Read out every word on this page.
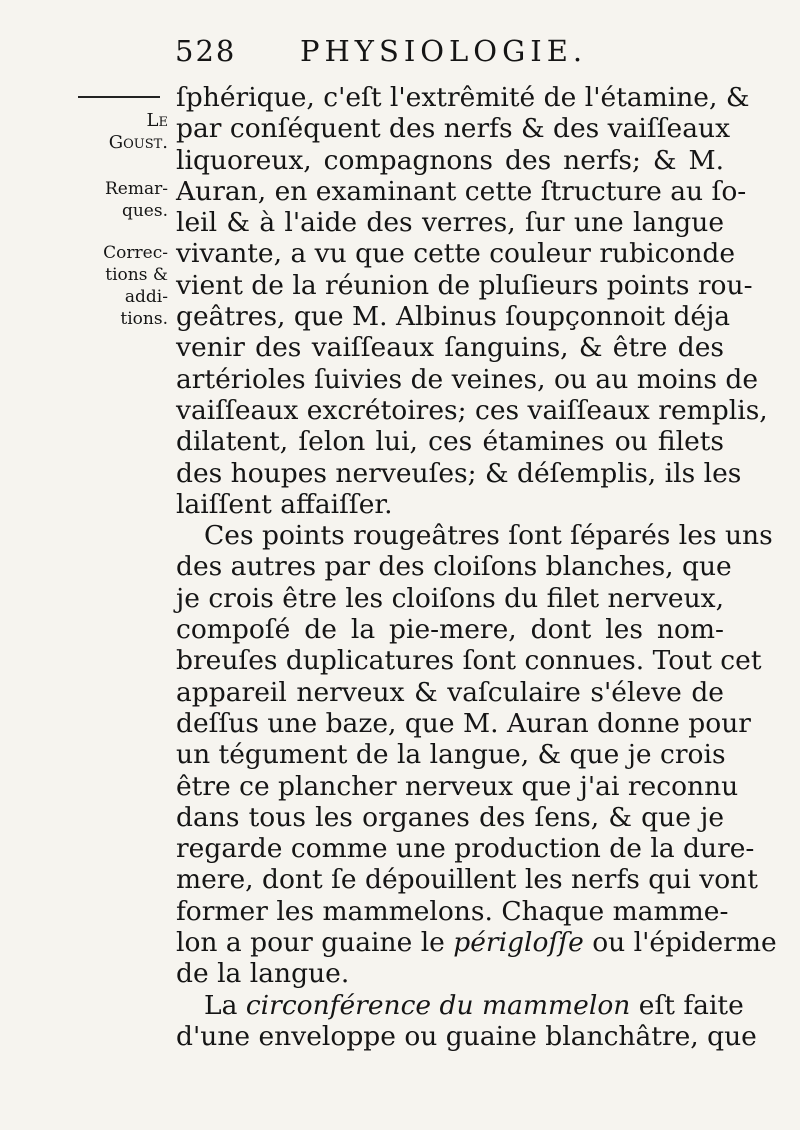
528 PHYSIOLOGIE.
Le
Goust.
Remar-
ques.
Correc-
tions &
addi-
tions.
ſphérique, c'eſt l'extrêmité de l'étamine, &
par conſéquent des nerfs & des vaiſſeaux
liquoreux, compagnons des nerfs; & M.
Auran, en examinant cette ſtructure au ſo-
leil & à l'aide des verres, ſur une langue
vivante, a vu que cette couleur rubiconde
vient de la réunion de pluſieurs points rou-
geâtres, que M. Albinus ſoupçonnoit déja
venir des vaiſſeaux ſanguins, & être des
artérioles ſuivies de veines, ou au moins de
vaiſſeaux excrétoires; ces vaiſſeaux remplis,
dilatent, ſelon lui, ces étamines ou filets
des houpes nerveuſes; & déſemplis, ils les
laiſſent affaiſſer.
Ces points rougeâtres ſont ſéparés les uns
des autres par des cloiſons blanches, que
je crois être les cloiſons du filet nerveux,
compoſé de la pie-mere, dont les nom-
breuſes duplicatures ſont connues. Tout cet
appareil nerveux & vaſculaire s'éleve de
deſſus une baze, que M. Auran donne pour
un tégument de la langue, & que je crois
être ce plancher nerveux que j'ai reconnu
dans tous les organes des ſens, & que je
regarde comme une production de la dure-
mere, dont ſe dépouillent les nerfs qui vont
former les mammelons. Chaque mamme-
lon a pour guaine le périgloſſe ou l'épiderme
de la langue.
La circonférence du mammelon eſt faite
d'une enveloppe ou guaine blanchâtre, que
